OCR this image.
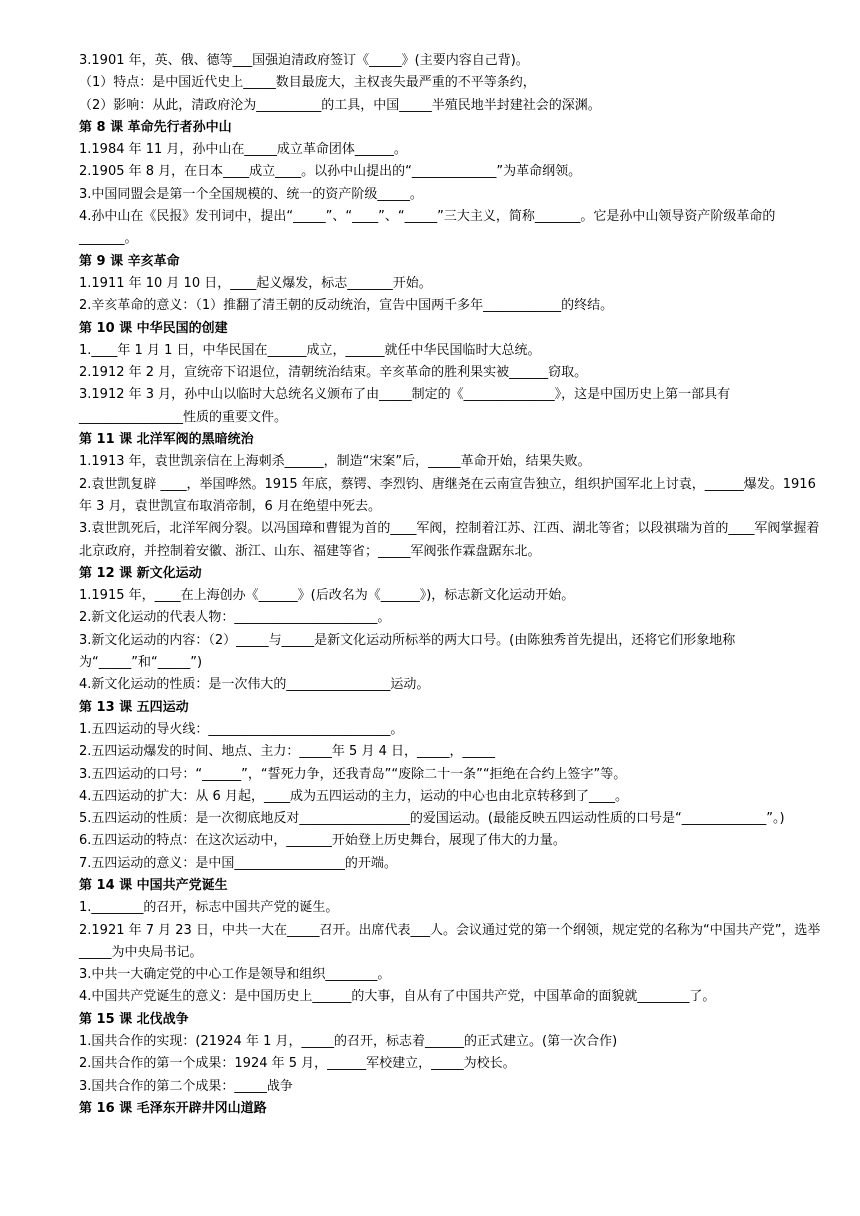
3.1901 年，英、俄、德等___国强迫清政府签订《_____》(主要内容自己背)。
（1）特点：是中国近代史上_____数目最庞大，主权丧失最严重的不平等条约，
（2）影响：从此，清政府沦为__________的工具，中国_____半殖民地半封建社会的深渊。
第 8 课 革命先行者孙中山
1.1984 年 11 月，孙中山在_____成立革命团体______。
2.1905 年 8 月，在日本____成立____。以孙中山提出的“_____________”为革命纲领。
3.中国同盟会是第一个全国规模的、统一的资产阶级_____。
4.孙中山在《民报》发刊词中，提出“_____”、“____”、“_____”三大主义，简称_______。它是孙中山领导资产阶级革命的_______。
第 9 课 辛亥革命
1.1911 年 10 月 10 日，____起义爆发，标志_______开始。
2.辛亥革命的意义：（1）推翻了清王朝的反动统治，宣告中国两千多年____________的终结。
第 10 课 中华民国的创建
1.____年 1 月 1 日，中华民国在______成立，______就任中华民国临时大总统。
2.1912 年 2 月，宣统帝下诏退位，清朝统治结束。辛亥革命的胜利果实被______窃取。
3.1912 年 3 月，孙中山以临时大总统名义颁布了由_____制定的《______________》，这是中国历史上第一部具有________________性质的重要文件。
第 11 课 北洋军阀的黑暗统治
1.1913 年，袁世凯亲信在上海刺杀______，制造“宋案”后，_____革命开始，结果失败。
2.袁世凯复辟 ____，举国哗然。1915 年底，蔡锷、李烈钧、唐继尧在云南宣告独立，组织护国军北上讨袁，______爆发。1916 年 3 月，袁世凯宣布取消帝制，6 月在绝望中死去。
3.袁世凯死后，北洋军阀分裂。以冯国璋和曹锟为首的____军阀，控制着江苏、江西、湖北等省；以段祺瑞为首的____军阀掌握着北京政府，并控制着安徽、浙江、山东、福建等省；_____军阀张作霖盘踞东北。
第 12 课 新文化运动
1.1915 年，____在上海创办《______》(后改名为《______》)，标志新文化运动开始。
2.新文化运动的代表人物：______________________。
3.新文化运动的内容：（2）_____与_____是新文化运动所标举的两大口号。(由陈独秀首先提出，还将它们形象地称为“_____”和“_____”)
4.新文化运动的性质：是一次伟大的________________运动。
第 13 课 五四运动
1.五四运动的导火线：____________________________。
2.五四运动爆发的时间、地点、主力：_____年 5 月 4 日，_____，_____
3.五四运动的口号：“______”，“誓死力争，还我青岛”“废除二十一条”“拒绝在合约上签字”等。
4.五四运动的扩大：从 6 月起，____成为五四运动的主力，运动的中心也由北京转移到了____。
5.五四运动的性质：是一次彻底地反对_________________的爱国运动。(最能反映五四运动性质的口号是“_____________”。)
6.五四运动的特点：在这次运动中，_______开始登上历史舞台，展现了伟大的力量。
7.五四运动的意义：是中国_________________的开端。
第 14 课 中国共产党诞生
1.________的召开，标志中国共产党的诞生。
2.1921 年 7 月 23 日，中共一大在_____召开。出席代表___人。会议通过党的第一个纲领，规定党的名称为“中国共产党”，选举_____为中央局书记。
3.中共一大确定党的中心工作是领导和组织________。
4.中国共产党诞生的意义：是中国历史上______的大事，自从有了中国共产党，中国革命的面貌就________了。
第 15 课 北伐战争
1.国共合作的实现：(21924 年 1 月，_____的召开，标志着______的正式建立。(第一次合作)
2.国共合作的第一个成果：1924 年 5 月，______军校建立，_____为校长。
3.国共合作的第二个成果：_____战争
第 16 课 毛泽东开辟井冈山道路
